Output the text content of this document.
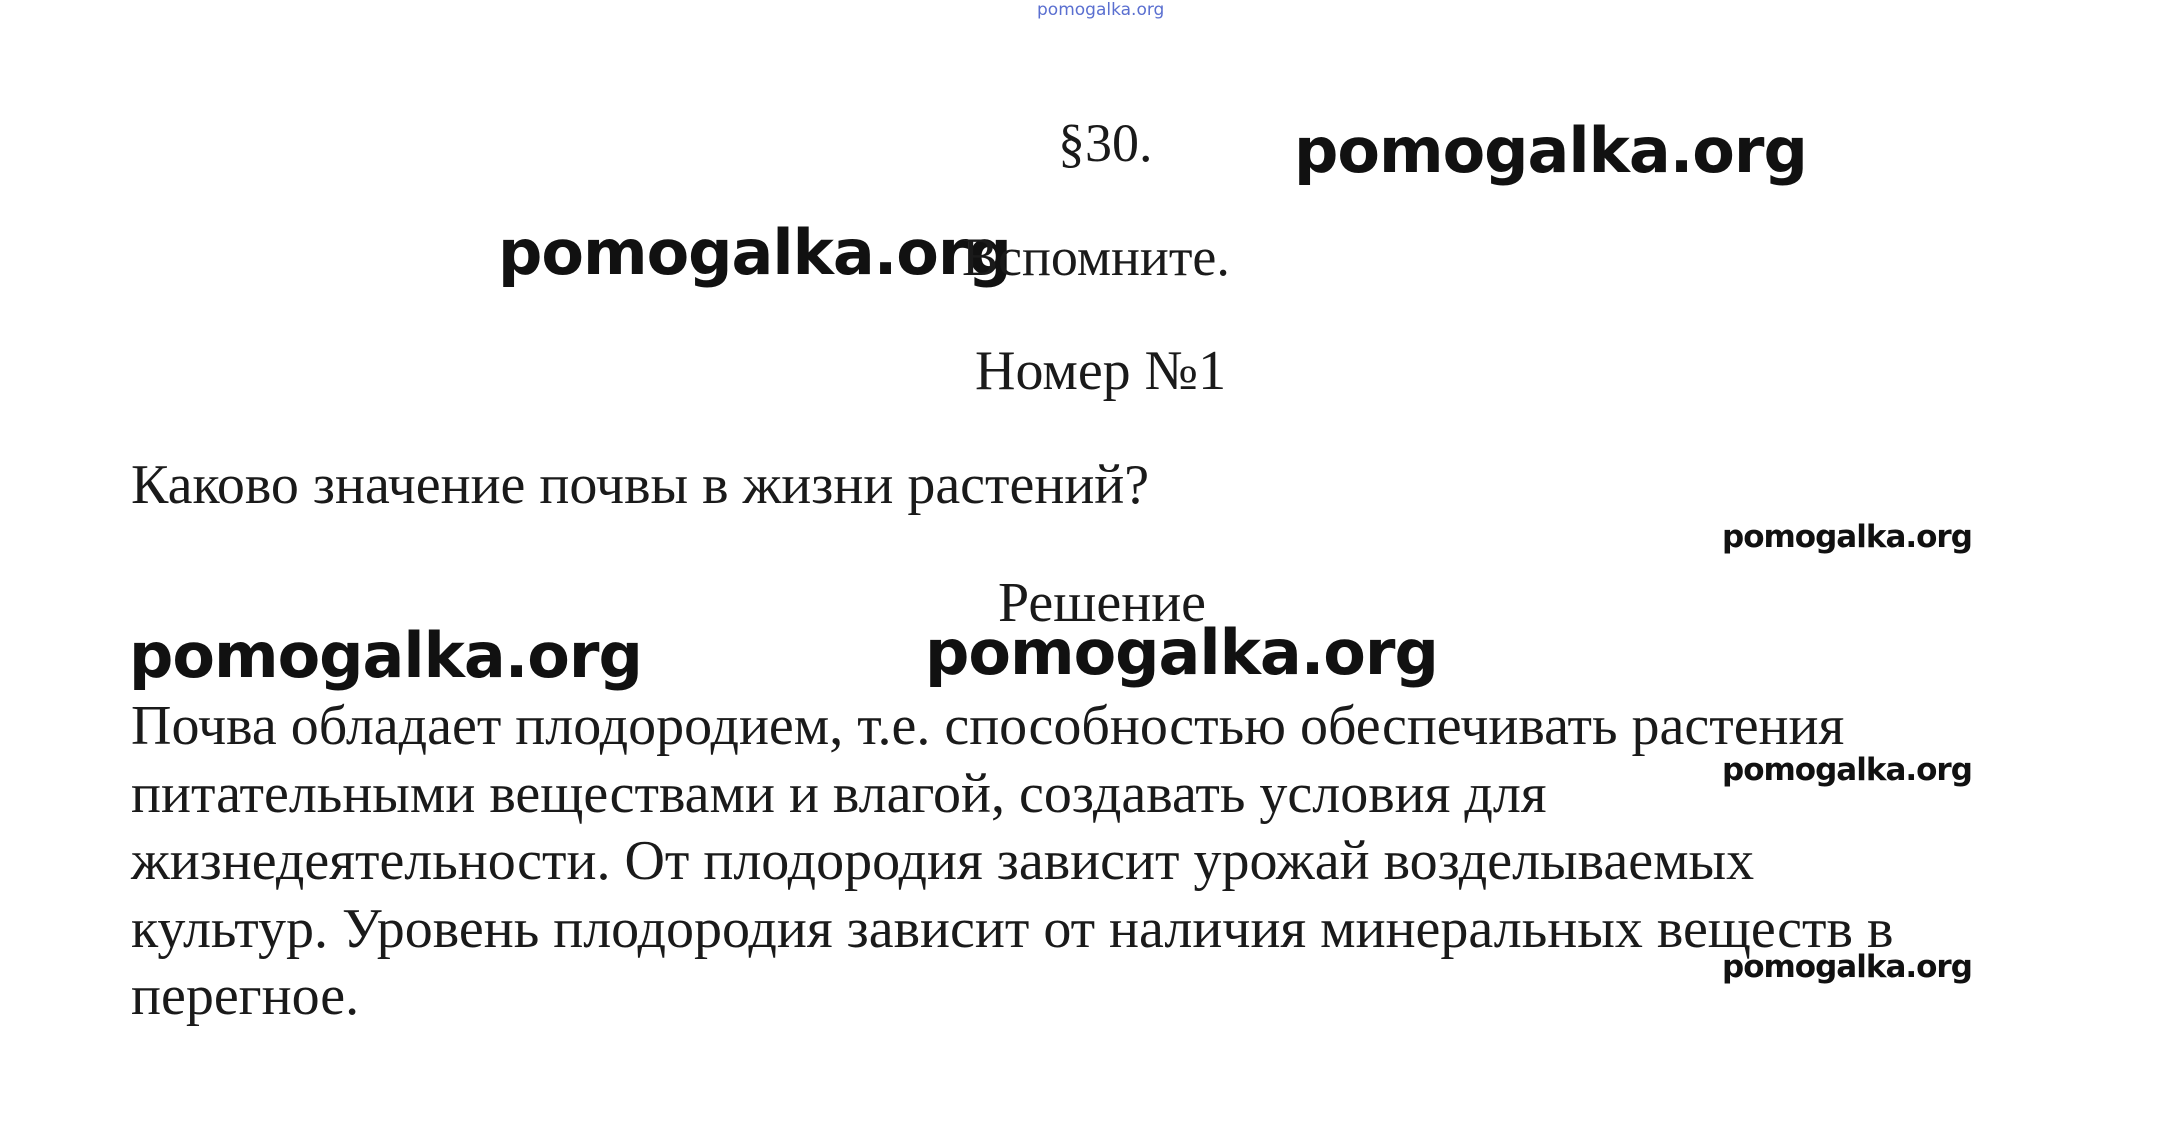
pomogalka.org
§30. pomogalka.org
pomogalka.org
Вспомните.
Номер №1
Каково значение почвы в жизни растений?
pomogalka.org
Решение
pomogalka.org	pomogalka.org
Почва обладает плодородием, т.е. способностью обеспечивать растения
питательными веществами и влагой, создавать условия для
жизнедеятельности. От плодородия зависит урожай возделываемых
культур. Уровень плодородия зависит от наличия минеральных веществ в
перегное.
pomogalka.org
pomogalka.org
